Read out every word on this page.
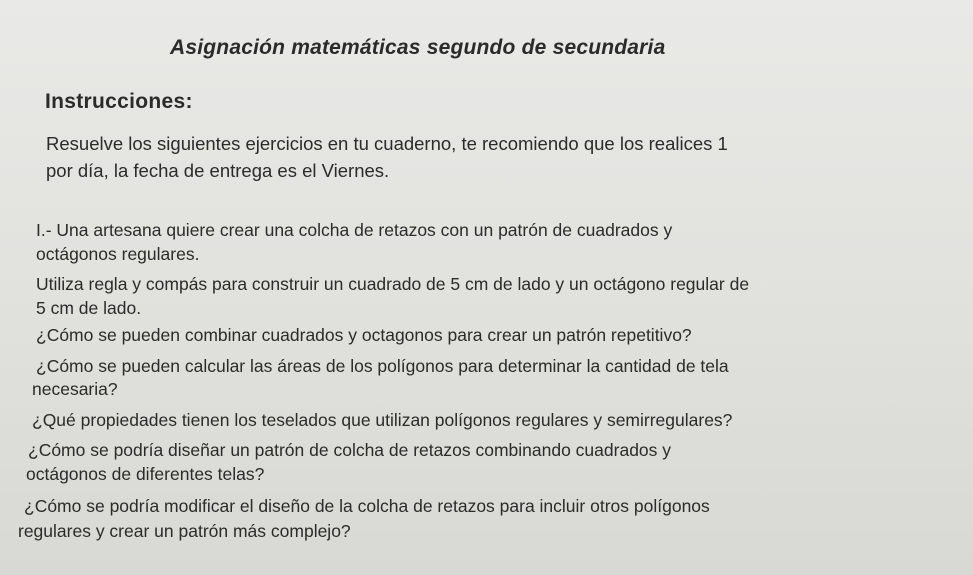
Asignación matemáticas segundo de secundaria
Instrucciones:
Resuelve los siguientes ejercicios en tu cuaderno, te recomiendo que los realices 1
por día, la fecha de entrega es el Viernes.
I.- Una artesana quiere crear una colcha de retazos con un patrón de cuadrados y
octágonos regulares.
Utiliza regla y compás para construir un cuadrado de 5 cm de lado y un octágono regular de
5 cm de lado.
¿Cómo se pueden combinar cuadrados y octagonos para crear un patrón repetitivo?
¿Cómo se pueden calcular las áreas de los polígonos para determinar la cantidad de tela
necesaria?
¿Qué propiedades tienen los teselados que utilizan polígonos regulares y semirregulares?
¿Cómo se podría diseñar un patrón de colcha de retazos combinando cuadrados y
octágonos de diferentes telas?
¿Cómo se podría modificar el diseño de la colcha de retazos para incluir otros polígonos
regulares y crear un patrón más complejo?
